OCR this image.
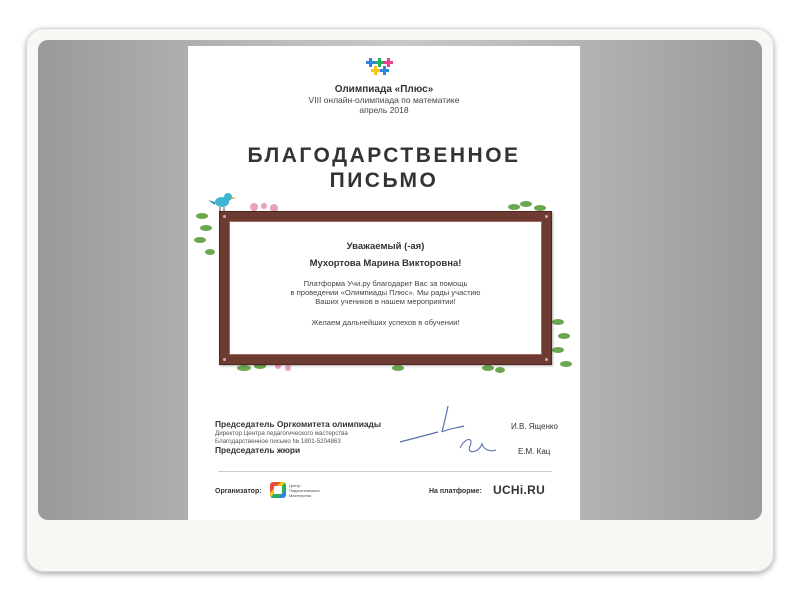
Олимпиада «Плюс»
VIII онлайн-олимпиада по математике
апрель 2018
БЛАГОДАРСТВЕННОЕ
ПИСЬМО
Уважаемый (-ая)
Мухортова Марина Викторовна!
Платформа Учи.ру благодарит Вас за помощь
в проведении «Олимпиады Плюс». Мы рады участию
Ваших учеников в нашем мероприятии!
Желаем дальнейших успехов в обучении!
Председатель Оргкомитета олимпиады
Директор Центра педагогического мастерства
Благодарственное письмо № 1801-5204863
Председатель жюри
И.В. Ященко
Е.М. Кац
Организатор:
Центр Педагогического Мастерства
На платформе: UCHi.RU
